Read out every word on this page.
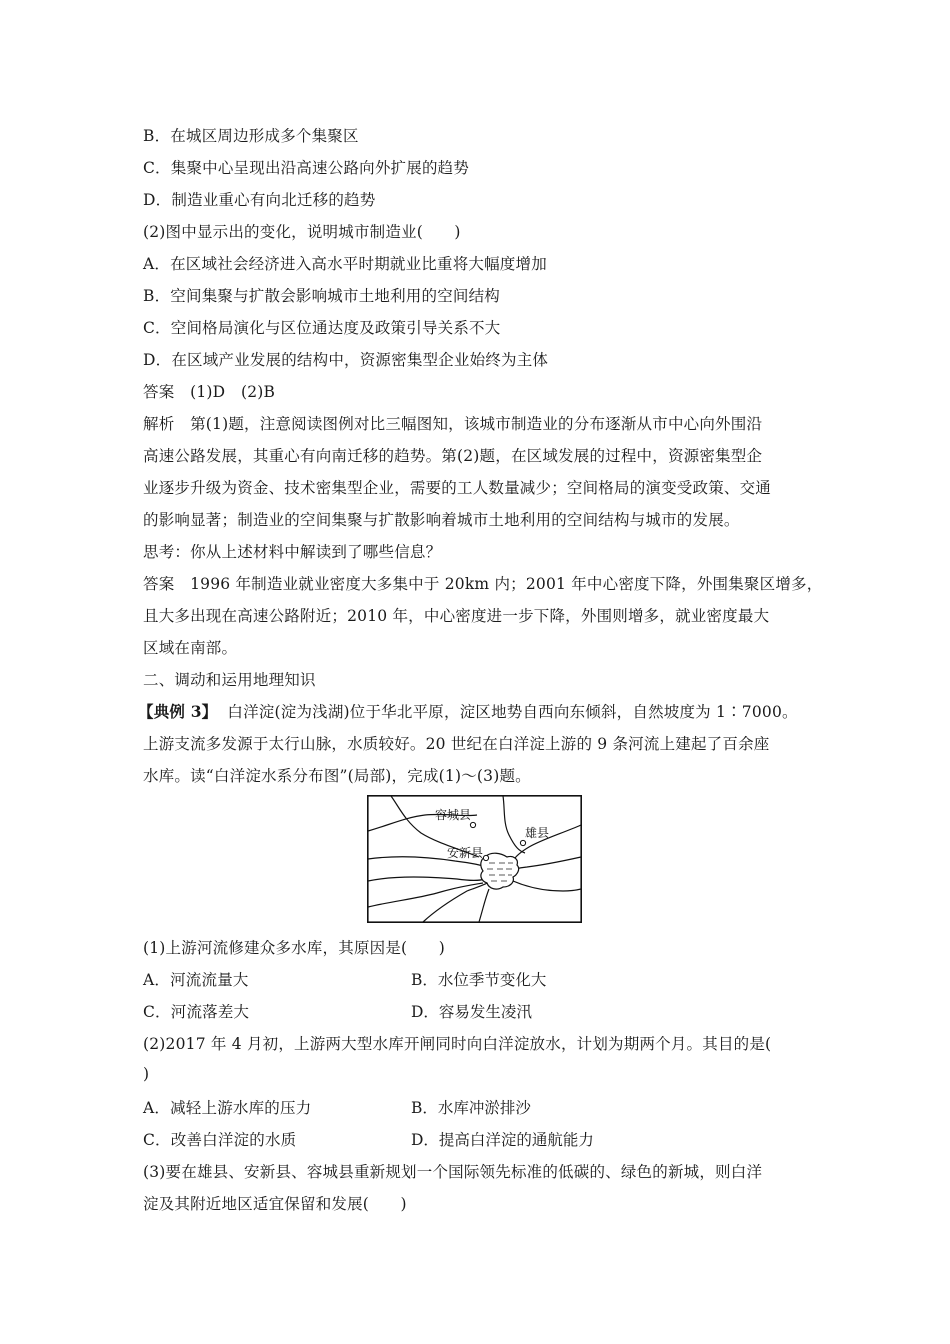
B．在城区周边形成多个集聚区
C．集聚中心呈现出沿高速公路向外扩展的趋势
D．制造业重心有向北迁移的趋势
(2)图中显示出的变化，说明城市制造业(　　)
A．在区域社会经济进入高水平时期就业比重将大幅度增加
B．空间集聚与扩散会影响城市土地利用的空间结构
C．空间格局演化与区位通达度及政策引导关系不大
D．在区域产业发展的结构中，资源密集型企业始终为主体
答案　(1)D　(2)B
解析　第(1)题，注意阅读图例对比三幅图知，该城市制造业的分布逐渐从市中心向外围沿
高速公路发展，其重心有向南迁移的趋势。第(2)题，在区域发展的过程中，资源密集型企
业逐步升级为资金、技术密集型企业，需要的工人数量减少；空间格局的演变受政策、交通
的影响显著；制造业的空间集聚与扩散影响着城市土地利用的空间结构与城市的发展。
思考：你从上述材料中解读到了哪些信息？
答案　1996 年制造业就业密度大多集中于 20km 内；2001 年中心密度下降，外围集聚区增多，
且大多出现在高速公路附近；2010 年，中心密度进一步下降，外围则增多，就业密度最大
区域在南部。
二、调动和运用地理知识
【典例 3】 白洋淀(淀为浅湖)位于华北平原，淀区地势自西向东倾斜，自然坡度为 1∶7000。
上游支流多发源于太行山脉，水质较好。20 世纪在白洋淀上游的 9 条河流上建起了百余座
水库。读“白洋淀水系分布图”(局部)，完成(1)～(3)题。
容城县
雄县
安新县
(1)上游河流修建众多水库，其原因是(　　)
A．河流流量大	B．水位季节变化大
C．河流落差大	D．容易发生凌汛
(2)2017 年 4 月初，上游两大型水库开闸同时向白洋淀放水，计划为期两个月。其目的是(
)
A．减轻上游水库的压力	B．水库冲淤排沙
C．改善白洋淀的水质	D．提高白洋淀的通航能力
(3)要在雄县、安新县、容城县重新规划一个国际领先标准的低碳的、绿色的新城，则白洋
淀及其附近地区适宜保留和发展(　　)
